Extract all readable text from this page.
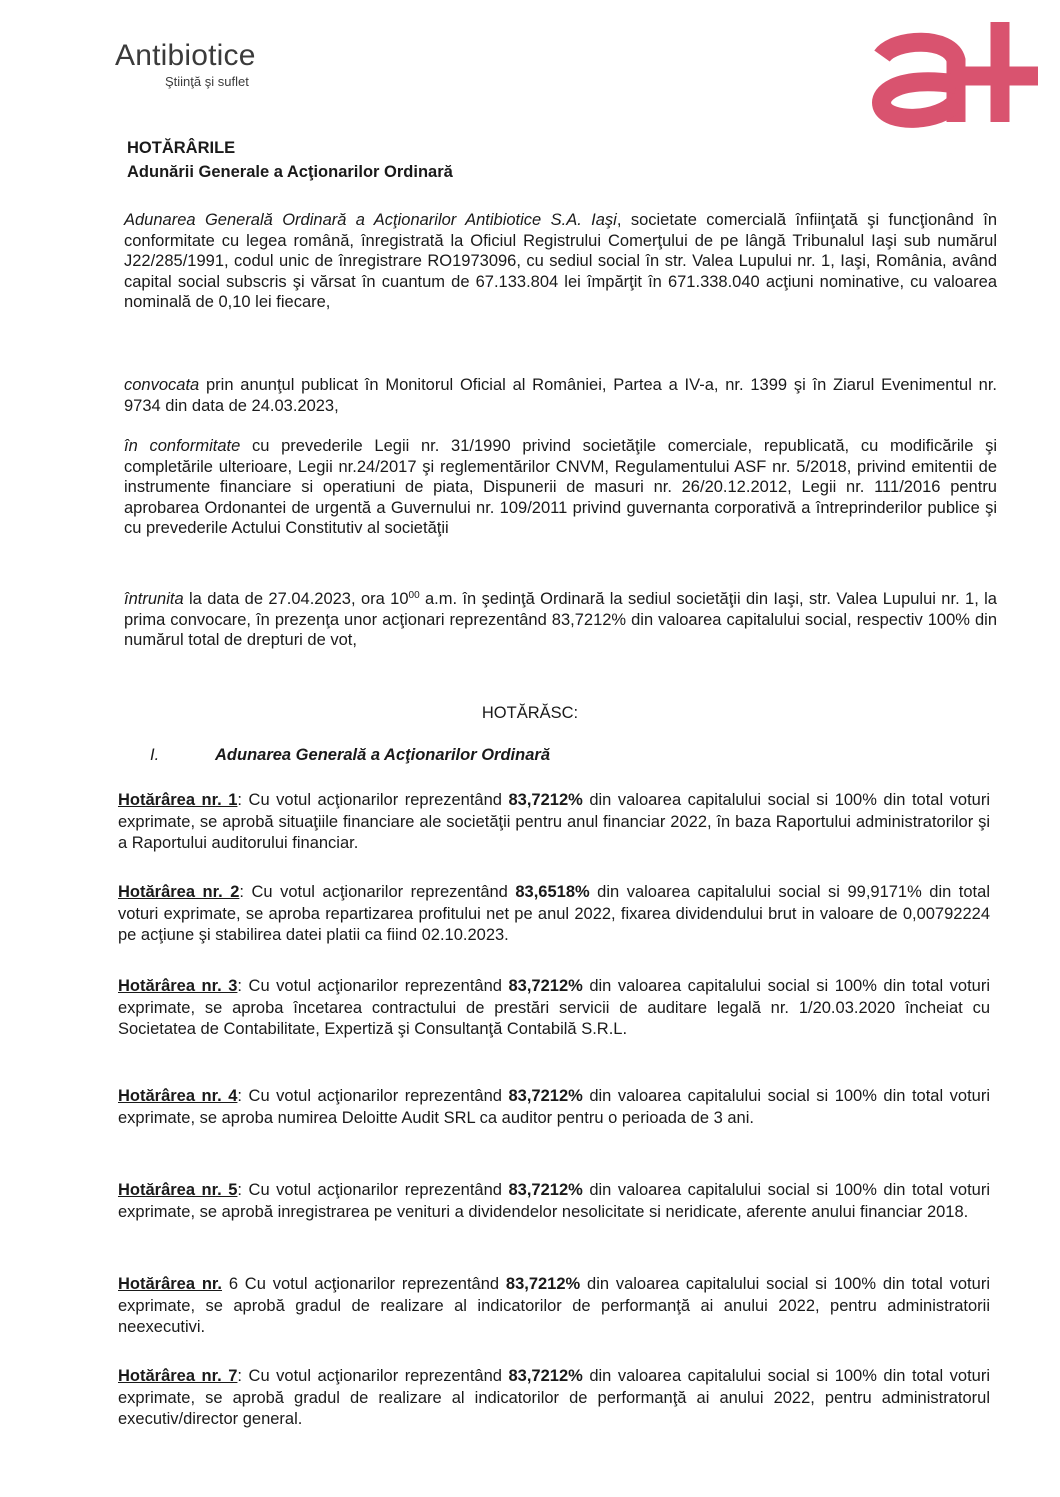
Antibiotice
Ştiinţă şi suflet
HOTĂRÂRILE
Adunării Generale a Acţionarilor Ordinară
Adunarea Generală Ordinară a Acţionarilor Antibiotice S.A. Iaşi, societate comercială înfiinţată şi funcţionând în conformitate cu legea română, înregistrată la Oficiul Registrului Comerţului de pe lângă Tribunalul Iaşi sub numărul J22/285/1991, codul unic de înregistrare RO1973096, cu sediul social în str. Valea Lupului nr. 1, Iaşi, România, având capital social subscris şi vărsat în cuantum de 67.133.804 lei împărţit în 671.338.040 acţiuni nominative, cu valoarea nominală de 0,10 lei fiecare,
convocata prin anunţul publicat în Monitorul Oficial al României, Partea a IV-a, nr. 1399 şi în Ziarul Evenimentul nr. 9734 din data de 24.03.2023,
în conformitate cu prevederile Legii nr. 31/1990 privind societăţile comerciale, republicată, cu modificările şi completările ulterioare, Legii nr.24/2017 şi reglementărilor CNVM, Regulamentului ASF nr. 5/2018, privind emitentii de instrumente financiare si operatiuni de piata, Dispunerii de masuri nr. 26/20.12.2012, Legii nr. 111/2016 pentru aprobarea Ordonantei de urgentă a Guvernului nr. 109/2011 privind guvernanta corporativă a întreprinderilor publice şi cu prevederile Actului Constitutiv al societăţii
întrunita la data de 27.04.2023, ora $10^{00}$ a.m. în şedinţă Ordinară la sediul societăţii din Iaşi, str. Valea Lupului nr. 1, la prima convocare, în prezenţa unor acţionari reprezentând 83,7212% din valoarea capitalului social, respectiv 100% din numărul total de drepturi de vot,
HOTĂRĂSC:
I.	Adunarea Generală a Acţionarilor Ordinară
Hotărârea nr. 1: Cu votul acţionarilor reprezentând 83,7212% din valoarea capitalului social si 100% din total voturi exprimate, se aprobă situaţiile financiare ale societăţii pentru anul financiar 2022, în baza Raportului administratorilor şi a Raportului auditorului financiar.
Hotărârea nr. 2: Cu votul acţionarilor reprezentând 83,6518% din valoarea capitalului social si 99,9171% din total voturi exprimate, se aproba repartizarea profitului net pe anul 2022, fixarea dividendului brut in valoare de 0,00792224 pe acţiune şi stabilirea datei platii ca fiind 02.10.2023.
Hotărârea nr. 3: Cu votul acţionarilor reprezentând 83,7212% din valoarea capitalului social si 100% din total voturi exprimate, se aproba încetarea contractului de prestări servicii de auditare legală nr. 1/20.03.2020 încheiat cu Societatea de Contabilitate, Expertiză şi Consultanţă Contabilă S.R.L.
Hotărârea nr. 4: Cu votul acţionarilor reprezentând 83,7212% din valoarea capitalului social si 100% din total voturi exprimate, se aproba numirea Deloitte Audit SRL ca auditor pentru o perioada de 3 ani.
Hotărârea nr. 5: Cu votul acţionarilor reprezentând 83,7212% din valoarea capitalului social si 100% din total voturi exprimate, se aprobă inregistrarea pe venituri a dividendelor nesolicitate si neridicate, aferente anului financiar 2018.
Hotărârea nr. 6 Cu votul acţionarilor reprezentând 83,7212% din valoarea capitalului social si 100% din total voturi exprimate, se aprobă gradul de realizare al indicatorilor de performanţă ai anului 2022, pentru administratorii neexecutivi.
Hotărârea nr. 7: Cu votul acţionarilor reprezentând 83,7212% din valoarea capitalului social si 100% din total voturi exprimate, se aprobă gradul de realizare al indicatorilor de performanţă ai anului 2022, pentru administratorul executiv/director general.
